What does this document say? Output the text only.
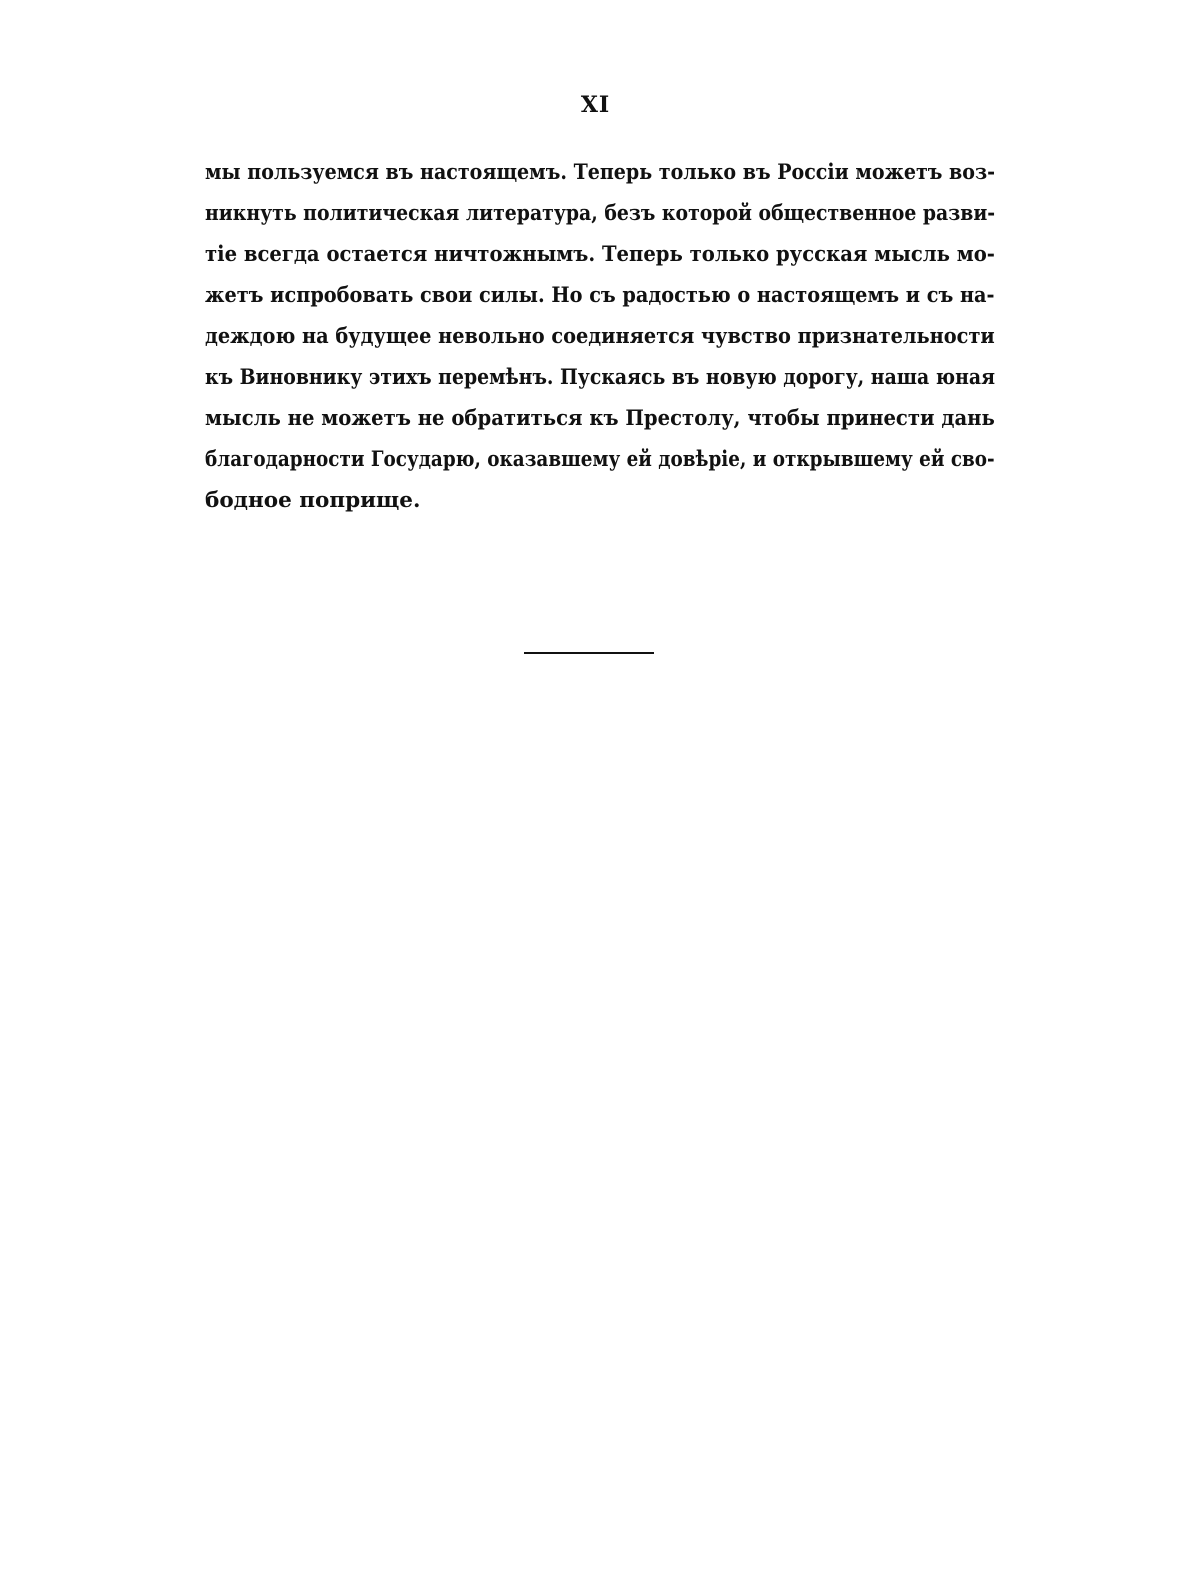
XI
мы пользуемся въ настоящемъ. Теперь только въ Россіи можетъ воз-
никнуть политическая литература, безъ которой общественное разви-
тіе всегда остается ничтожнымъ. Теперь только русская мысль мо-
жетъ испробовать свои силы. Но съ радостью о настоящемъ и съ на-
деждою на будущее невольно соединяется чувство признательности
къ Виновнику этихъ перемѣнъ. Пускаясь въ новую дорогу, наша юная
мысль не можетъ не обратиться къ Престолу, чтобы принести дань
благодарности Государю, оказавшему ей довѣріе, и открывшему ей сво-
бодное поприще.
